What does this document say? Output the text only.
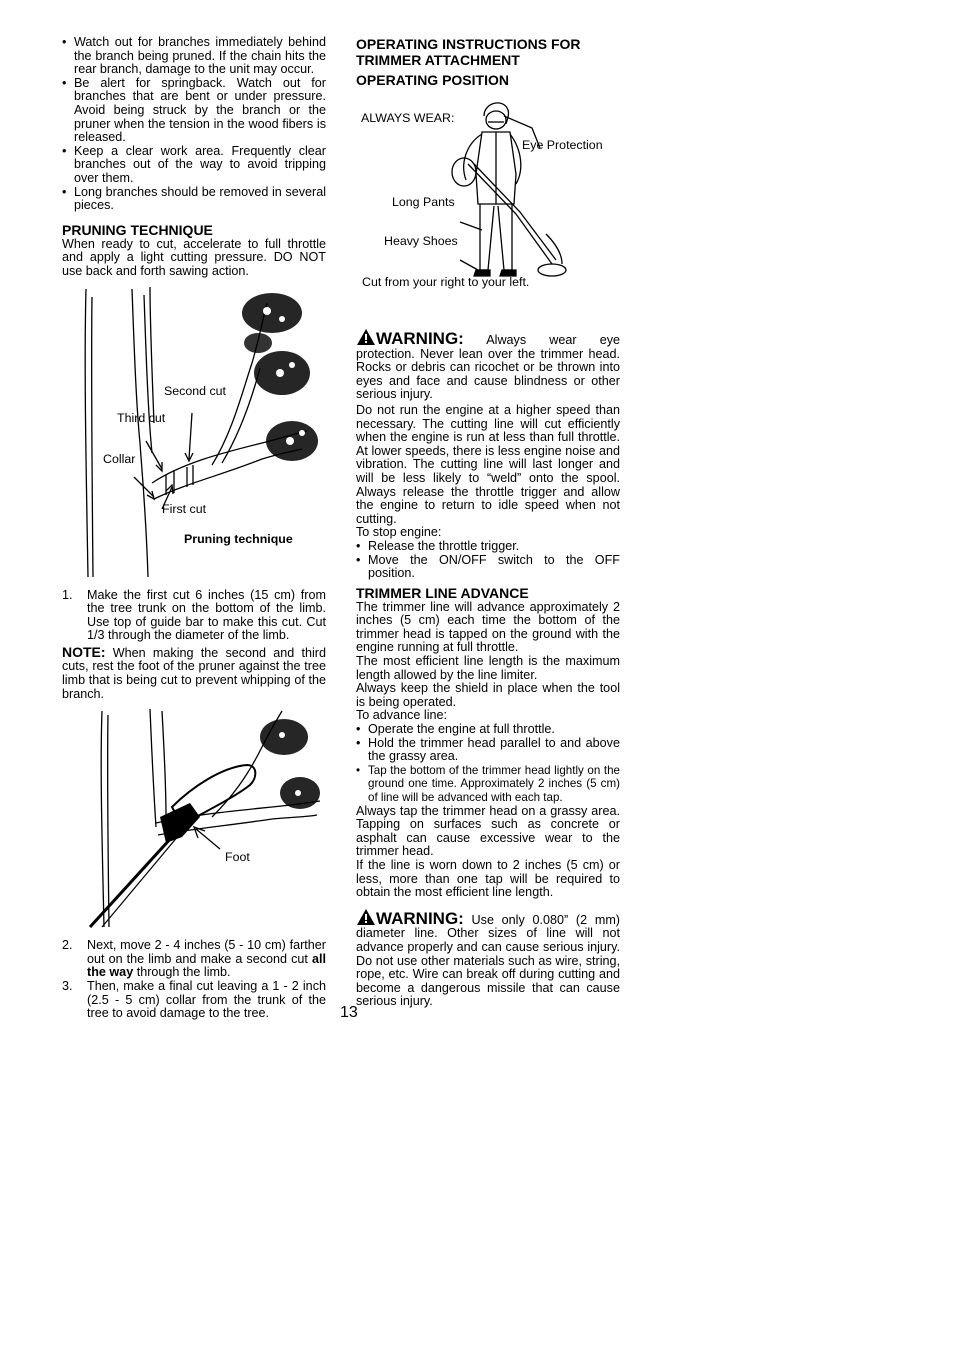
• Watch out for branches immediately behind the branch being pruned. If the chain hits the rear branch, damage to the unit may occur.
• Be alert for springback. Watch out for branches that are bent or under pressure. Avoid being struck by the branch or the pruner when the tension in the wood fibers is released.
• Keep a clear work area. Frequently clear branches out of the way to avoid tripping over them.
• Long branches should be removed in several pieces.
PRUNING TECHNIQUE

When ready to cut, accelerate to full throttle and apply a light cutting pressure. DO NOT use back and forth sawing action.

Second cut
Third cut
Collar
First cut
Pruning technique
1. Make the first cut 6 inches (15 cm) from the tree trunk on the bottom of the limb. Use top of guide bar to make this cut. Cut 1/3 through the diameter of the limb.

NOTE: When making the second and third cuts, rest the foot of the pruner against the tree limb that is being cut to prevent whipping of the branch.

Foot
2. Next, move 2 - 4 inches (5 - 10 cm) farther out on the limb and make a second cut all the way through the limb.
3. Then, make a final cut leaving a 1 - 2 inch (2.5 - 5 cm) collar from the trunk of the tree to avoid damage to the tree.
OPERATING INSTRUCTIONS FOR TRIMMER ATTACHMENT
OPERATING POSITION
ALWAYS WEAR:
Eye Protection
Long Pants
Heavy Shoes
Cut from your right to your left.

WARNING: Always wear eye protection. Never lean over the trimmer head. Rocks or debris can ricochet or be thrown into eyes and face and cause blindness or other serious injury.

Do not run the engine at a higher speed than necessary. The cutting line will cut efficiently when the engine is run at less than full throttle. At lower speeds, there is less engine noise and vibration. The cutting line will last longer and will be less likely to “weld” onto the spool. Always release the throttle trigger and allow the engine to return to idle speed when not cutting.

To stop engine:

• Release the throttle trigger.
• Move the ON/OFF switch to the OFF position.
TRIMMER LINE ADVANCE

The trimmer line will advance approximately 2 inches (5 cm) each time the bottom of the trimmer head is tapped on the ground with the engine running at full throttle.

The most efficient line length is the maximum length allowed by the line limiter.

Always keep the shield in place when the tool is being operated.

To advance line:

• Operate the engine at full throttle.
• Hold the trimmer head parallel to and above the grassy area.
• Tap the bottom of the trimmer head lightly on the ground one time. Approximately 2 inches (5 cm) of line will be advanced with each tap.

Always tap the trimmer head on a grassy area. Tapping on surfaces such as concrete or asphalt can cause excessive wear to the trimmer head.

If the line is worn down to 2 inches (5 cm) or less, more than one tap will be required to obtain the most efficient line length.

WARNING: Use only 0.080” (2 mm) diameter line. Other sizes of line will not advance properly and can cause serious injury. Do not use other materials such as wire, string, rope, etc. Wire can break off during cutting and become a dangerous missile that can cause serious injury.

13
